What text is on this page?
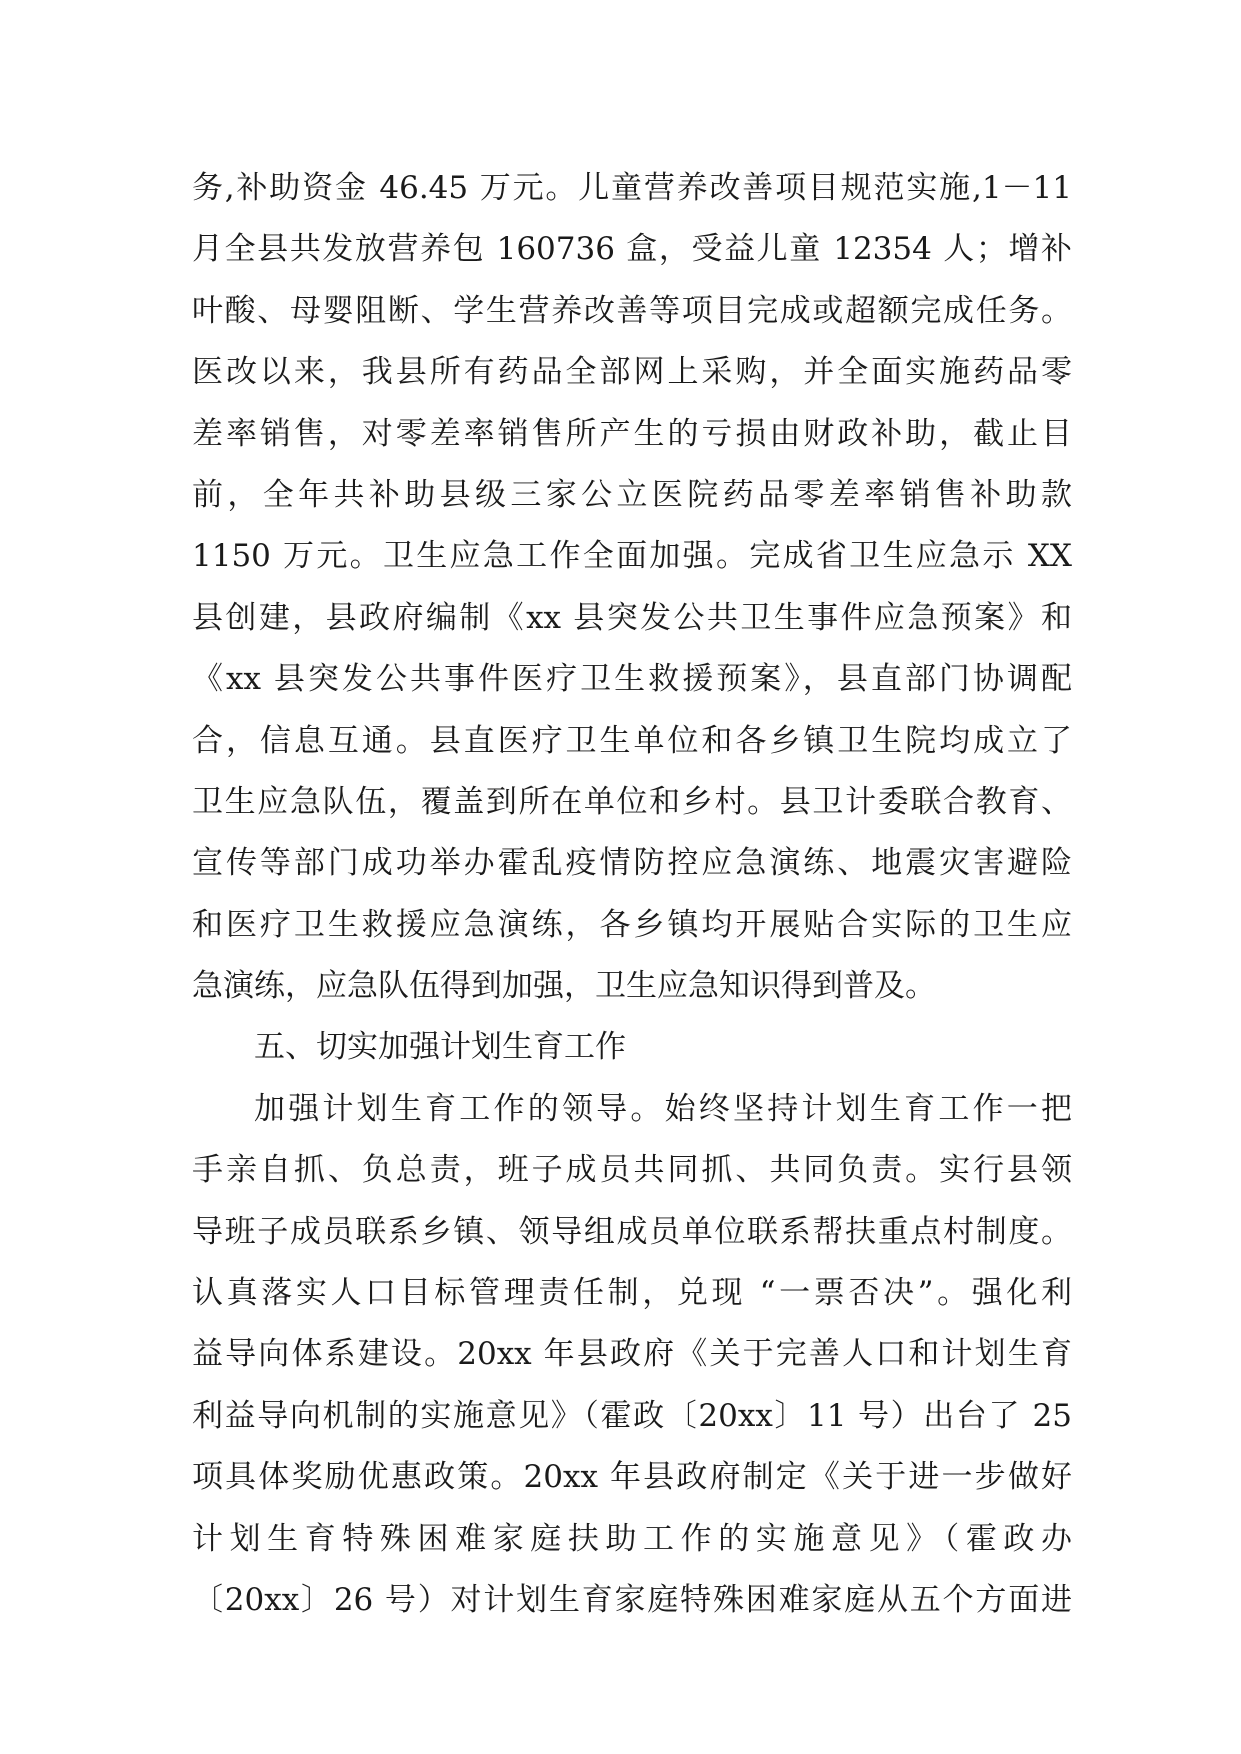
务,补助资金 46.45 万元。儿童营养改善项目规范实施,1－11
月全县共发放营养包 160736 盒，受益儿童 12354 人；增补
叶酸、母婴阻断、学生营养改善等项目完成或超额完成任务。
医改以来，我县所有药品全部网上采购，并全面实施药品零
差率销售，对零差率销售所产生的亏损由财政补助，截止目
前，全年共补助县级三家公立医院药品零差率销售补助款
1150 万元。卫生应急工作全面加强。完成省卫生应急示 XX
县创建，县政府编制《xx 县突发公共卫生事件应急预案》和
《xx 县突发公共事件医疗卫生救援预案》，县直部门协调配
合，信息互通。县直医疗卫生单位和各乡镇卫生院均成立了
卫生应急队伍，覆盖到所在单位和乡村。县卫计委联合教育、
宣传等部门成功举办霍乱疫情防控应急演练、地震灾害避险
和医疗卫生救援应急演练，各乡镇均开展贴合实际的卫生应
急演练，应急队伍得到加强，卫生应急知识得到普及。
五、切实加强计划生育工作
加强计划生育工作的领导。始终坚持计划生育工作一把
手亲自抓、负总责，班子成员共同抓、共同负责。实行县领
导班子成员联系乡镇、领导组成员单位联系帮扶重点村制度。
认真落实人口目标管理责任制，兑现 “一票否决”。强化利
益导向体系建设。20xx 年县政府《关于完善人口和计划生育
利益导向机制的实施意见》（霍政〔20xx〕11 号）出台了 25
项具体奖励优惠政策。20xx 年县政府制定《关于进一步做好
计划生育特殊困难家庭扶助工作的实施意见》（霍政办
〔20xx〕26 号）对计划生育家庭特殊困难家庭从五个方面进
